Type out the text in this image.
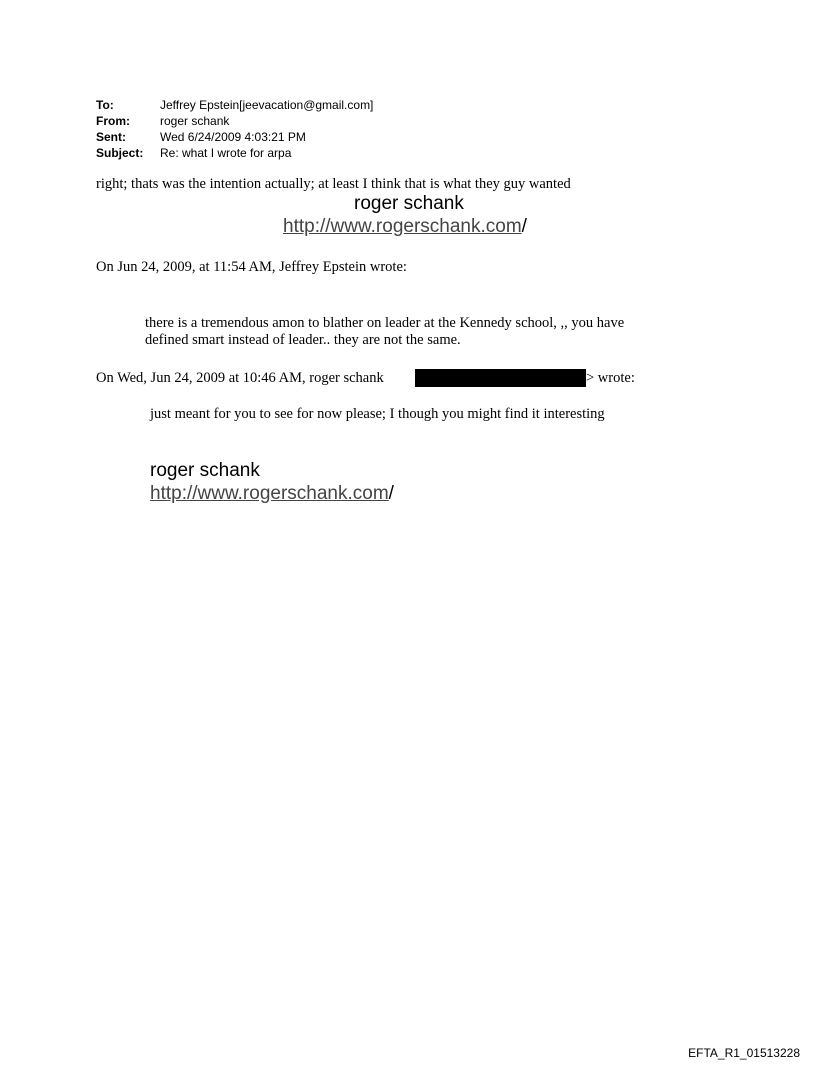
To:	Jeffrey Epstein[jeevacation@gmail.com]
From:	roger schank
Sent:	Wed 6/24/2009 4:03:21 PM
Subject:	Re: what I wrote for arpa
right; thats was the intention actually; at least I think that is what they guy wanted
roger schank
http://www.rogerschank.com/
On Jun 24, 2009, at 11:54 AM, Jeffrey Epstein wrote:
there is a tremendous amon to blather on leader at the Kennedy school, ,, you have
defined smart instead of leader.. they are not the same.
On Wed, Jun 24, 2009 at 10:46 AM, roger schank	> wrote:
just meant for you to see for now please; I though you might find it interesting
roger schank
http://www.rogerschank.com/
EFTA_R1_01513228
